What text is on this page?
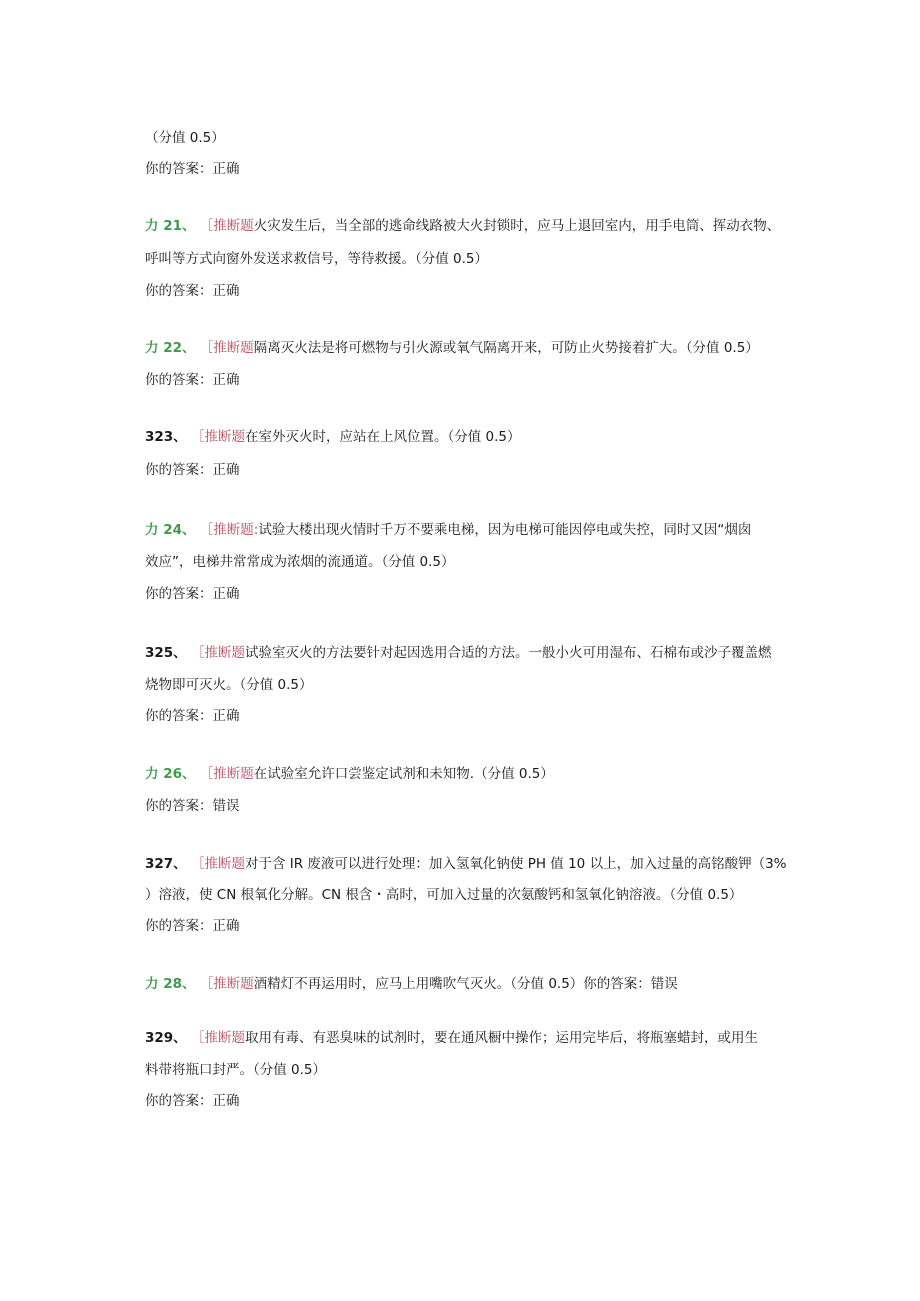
（分值 0.5）
你的答案：正确
力 21、 ［推断题火灾发生后，当全部的逃命线路被大火封锁时，应马上退回室内，用手电筒、挥动衣物、
呼叫等方式向窗外发送求救信号，等待救援。（分值 0.5）
你的答案：正确
力 22、 ［推断题隔离灭火法是将可燃物与引火源或氧气隔离开来，可防止火势接着扩大。（分值 0.5）
你的答案：正确
323、 ［推断题在室外灭火时，应站在上风位置。（分值 0.5）
你的答案：正确
力 24、 ［推断题:试验大楼出现火情时千万不要乘电梯，因为电梯可能因停电或失控，同时又因“烟囱
效应”，电梯井常常成为浓烟的流通道。（分值 0.5）
你的答案：正确
325、 ［推断题试验室灭火的方法要针对起因选用合适的方法。一般小火可用湿布、石棉布或沙子覆盖燃
烧物即可灭火。（分值 0.5）
你的答案：正确
力 26、 ［推断题在试验室允许口尝鉴定试剂和未知物.（分值 0.5）
你的答案：错误
327、 ［推断题对于含 IR 废液可以进行处理：加入氢氧化钠使 PH 值 10 以上，加入过量的高铭酸钾（3%
）溶液，使 CN 根氧化分解。CN 根含・高时，可加入过量的次氨酸钙和氢氧化钠溶液。（分值 0.5）
你的答案：正确
力 28、 ［推断题酒精灯不再运用时，应马上用嘴吹气灭火。（分值 0.5）你的答案：错误
329、 ［推断题取用有毒、有恶臭味的试剂时，要在通风橱中操作；运用完毕后，将瓶塞蜡封，或用生
料带将瓶口封严。（分值 0.5）
你的答案：正确
